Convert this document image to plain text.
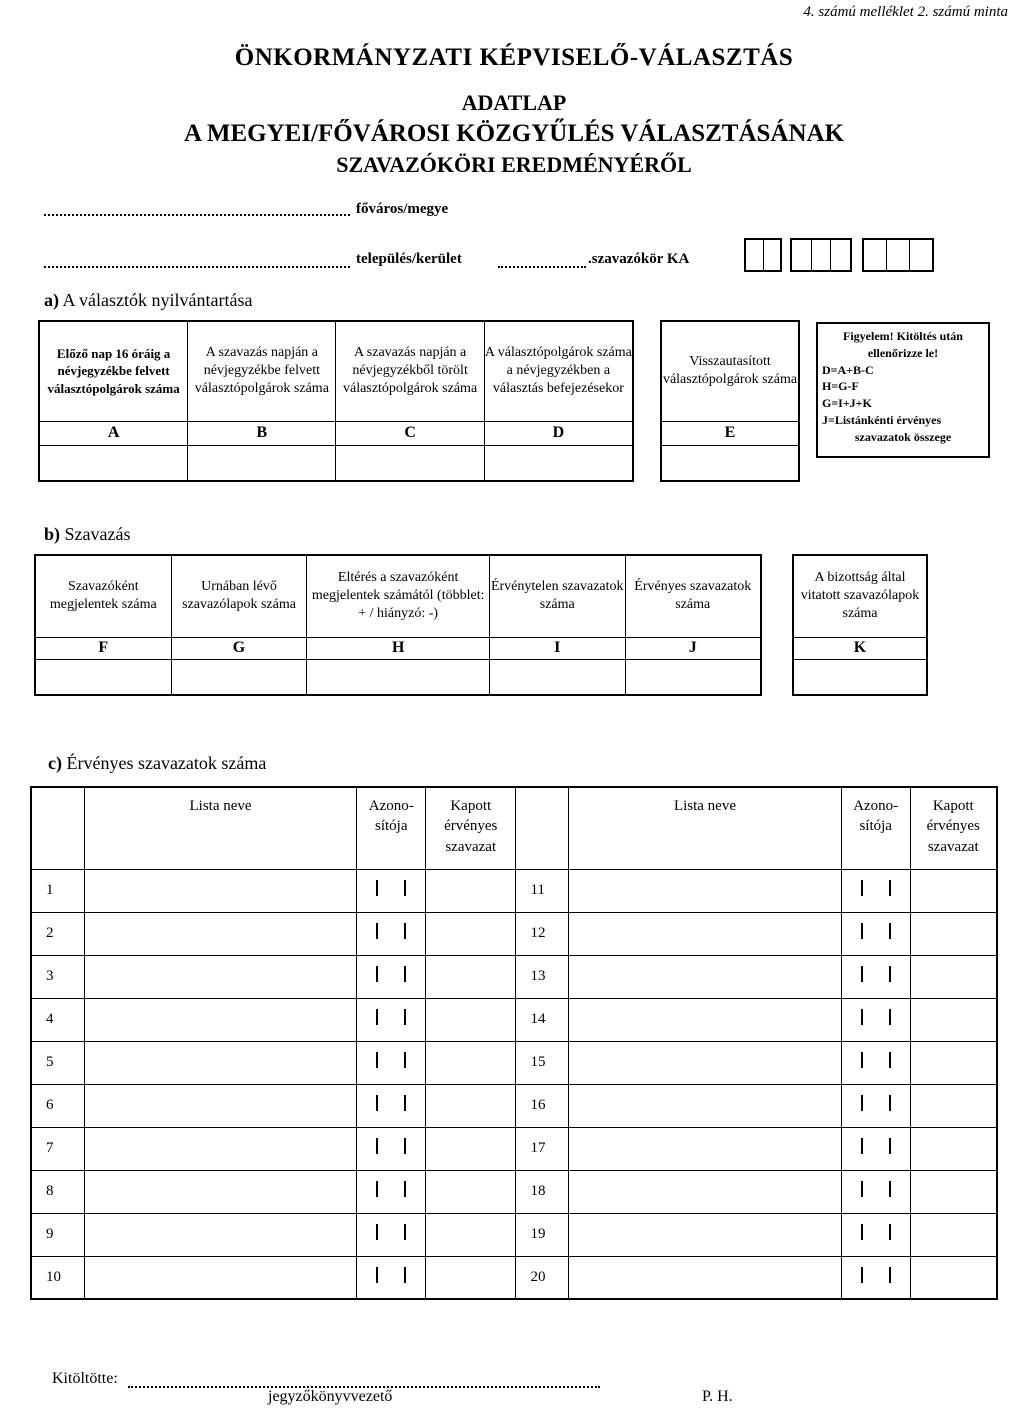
4. számú melléklet 2. számú minta
ÖNKORMÁNYZATI KÉPVISELŐ-VÁLASZTÁS
ADATLAP
A MEGYEI/FŐVÁROSI KÖZGYŰLÉS VÁLASZTÁSÁNAK
SZAVAZÓKÖRI EREDMÉNYÉRŐL
főváros/megye
település/kerület	.szavazókör KA
a) A választók nyilvántartása
Előző nap 16 óráig a névjegyzékbe felvett választópolgárok száma	A szavazás napján a névjegyzékbe felvett választópolgárok száma	A szavazás napján a névjegyzékből törölt választópolgárok száma	A választópolgárok száma a névjegyzékben a választás befejezésekor
A	B	C	D

Visszautasított választópolgárok száma
E

Figyelem! Kitöltés után
ellenőrizze le!
D=A+B-C
H=G-F
G=I+J+K
J=Listánkénti érvényes
szavazatok összege
b) Szavazás
Szavazóként megjelentek száma	Urnában lévő szavazólapok száma	Eltérés a szavazóként megjelentek számától (többlet: + / hiányzó: -)	Érvénytelen szavazatok száma	Érvényes szavazatok száma
F	G	H	I	J

A bizottság által vitatott szavazólapok száma
K

c) Érvényes szavazatok száma
	Lista neve	Azono-sítója	Kapott érvényes szavazat		Lista neve	Azono-sítója	Kapott érvényes szavazat
1				11			
2				12			
3				13			
4				14			
5				15			
6				16			
7				17			
8				18			
9				19			
10				20			
Kitöltötte:
jegyzőkönyvvezető	P. H.
